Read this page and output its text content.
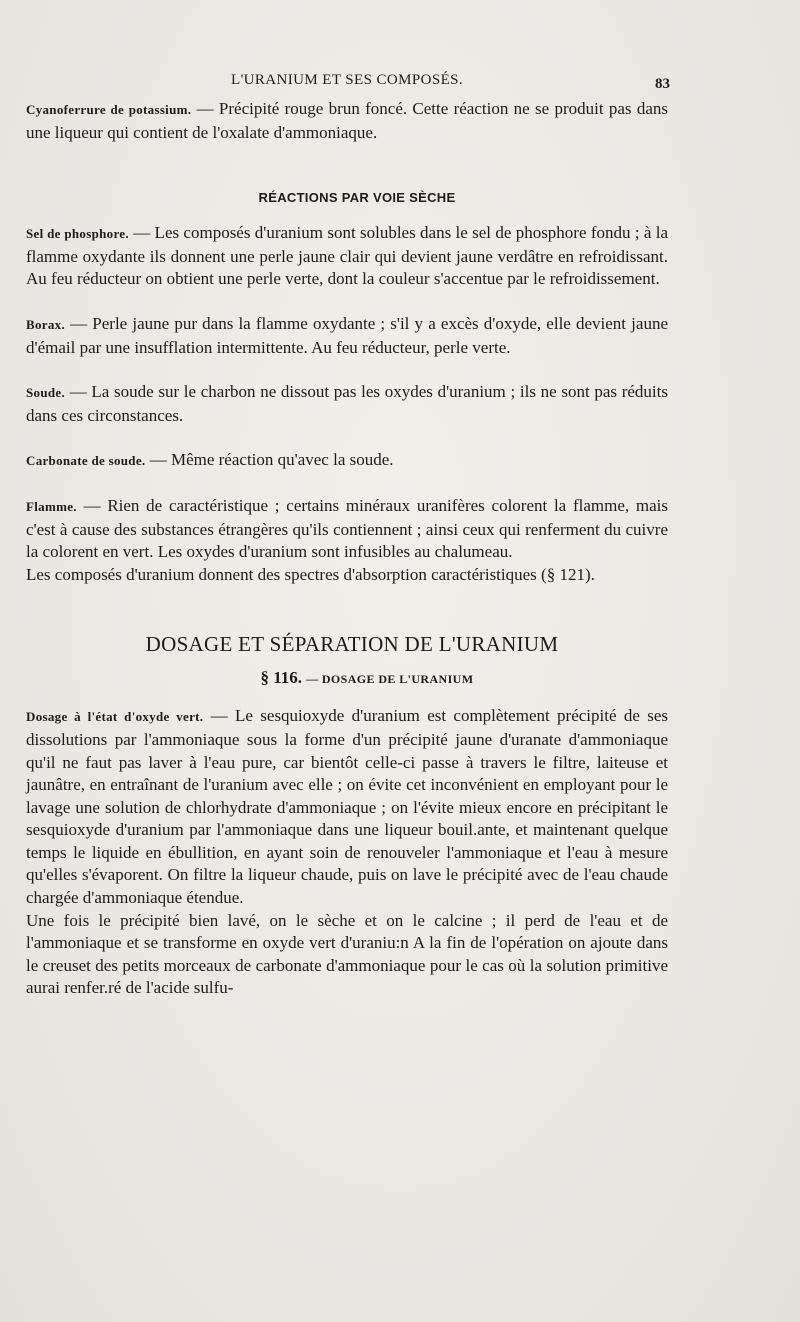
L'URANIUM ET SES COMPOSÉS.	83

Cyanoferrure de potassium. — Précipité rouge brun foncé. Cette réaction ne se produit pas dans une liqueur qui contient de l'oxalate d'ammoniaque.

RÉACTIONS PAR VOIE SÈCHE

Sel de phosphore. — Les composés d'uranium sont solubles dans le sel de phosphore fondu ; à la flamme oxydante ils donnent une perle jaune clair qui devient jaune verdâtre en refroidissant. Au feu réducteur on obtient une perle verte, dont la couleur s'accentue par le refroidissement.

Borax. — Perle jaune pur dans la flamme oxydante ; s'il y a excès d'oxyde, elle devient jaune d'émail par une insufflation intermittente. Au feu réducteur, perle verte.

Soude. — La soude sur le charbon ne dissout pas les oxydes d'uranium ; ils ne sont pas réduits dans ces circonstances.

Carbonate de soude. — Même réaction qu'avec la soude.

Flamme. — Rien de caractéristique ; certains minéraux uranifères colorent la flamme, mais c'est à cause des substances étrangères qu'ils contiennent ; ainsi ceux qui renferment du cuivre la colorent en vert. Les oxydes d'uranium sont infusibles au chalumeau.

Les composés d'uranium donnent des spectres d'absorption caractéristiques (§ 121).

DOSAGE ET SÉPARATION DE L'URANIUM
§ 116. — DOSAGE DE L'URANIUM

Dosage à l'état d'oxyde vert. — Le sesquioxyde d'uranium est complètement précipité de ses dissolutions par l'ammoniaque sous la forme d'un précipité jaune d'uranate d'ammoniaque qu'il ne faut pas laver à l'eau pure, car bientôt celle-ci passe à travers le filtre, laiteuse et jaunâtre, en entraînant de l'uranium avec elle ; on évite cet inconvénient en employant pour le lavage une solution de chlorhydrate d'ammoniaque ; on l'évite mieux encore en précipitant le sesquioxyde d'uranium par l'ammoniaque dans une liqueur bouil.ante, et maintenant quelque temps le liquide en ébullition, en ayant soin de renouveler l'ammoniaque et l'eau à mesure qu'elles s'évaporent. On filtre la liqueur chaude, puis on lave le précipité avec de l'eau chaude chargée d'ammoniaque étendue.

Une fois le précipité bien lavé, on le sèche et on le calcine ; il perd de l'eau et de l'ammoniaque et se transforme en oxyde vert d'uraniu:n A la fin de l'opération on ajoute dans le creuset des petits morceaux de carbonate d'ammoniaque pour le cas où la solution primitive aurai renfer.ré de l'acide sulfu-
